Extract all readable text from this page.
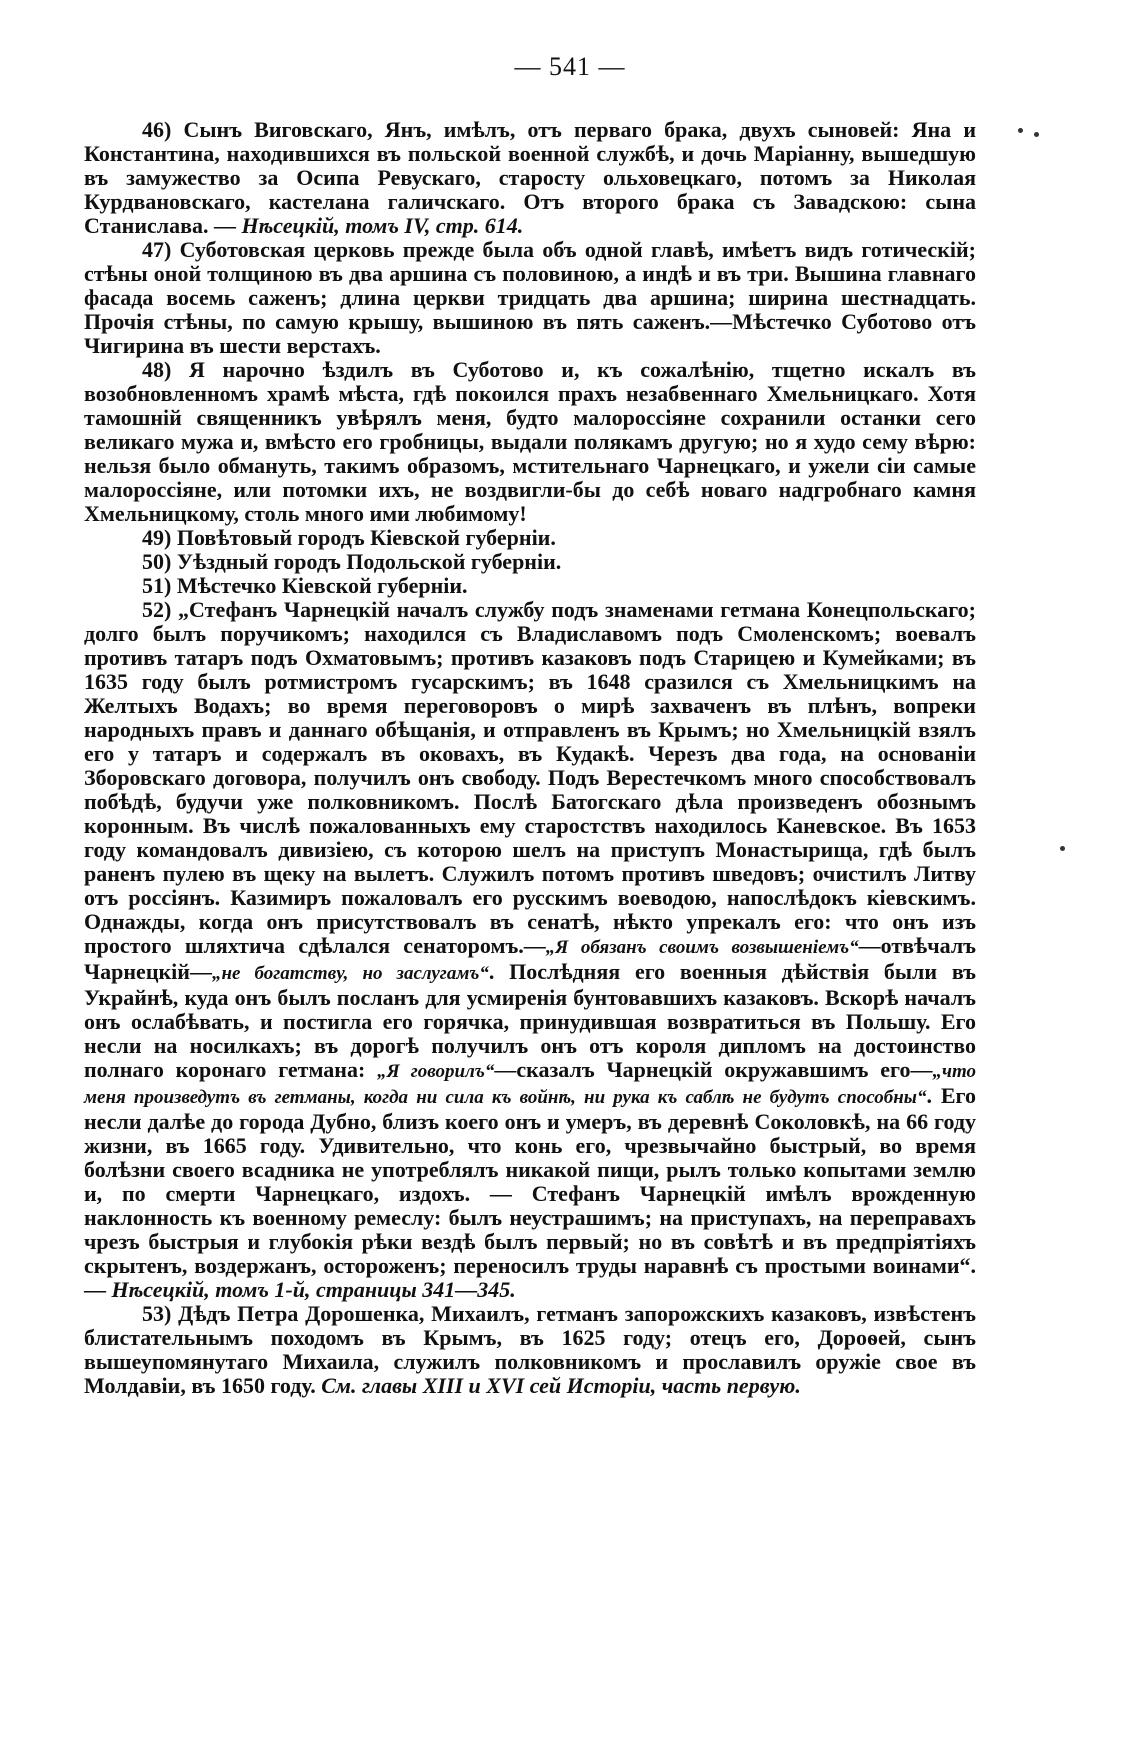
— 541 —

46) Сынъ Виговскаго, Янъ, имѣлъ, отъ перваго брака, двухъ сыновей: Яна и Константина, находившихся въ польской военной службѣ, и дочь Маріанну, вышедшую въ замужество за Осипа Ревускаго, старосту ольховецкаго, потомъ за Николая Курдвановскаго, кастелана галичскаго. Отъ второго брака съ Завадскою: сына Станислава. — Нѣсецкій, томъ IV, стр. 614.

47) Суботовская церковь прежде была объ одной главѣ, имѣетъ видъ готическій; стѣны оной толщиною въ два аршина съ половиною, а индѣ и въ три. Вышина главнаго фасада восемь саженъ; длина церкви тридцать два аршина; ширина шестнадцать. Прочія стѣны, по самую крышу, вышиною въ пять саженъ.—Мѣстечко Суботово отъ Чигирина въ шести верстахъ.

48) Я нарочно ѣздилъ въ Суботово и, къ сожалѣнію, тщетно искалъ въ возобновленномъ храмѣ мѣста, гдѣ покоился прахъ незабвеннаго Хмельницкаго. Хотя тамошній священникъ увѣрялъ меня, будто малороссіяне сохранили останки сего великаго мужа и, вмѣсто его гробницы, выдали полякамъ другую; но я худо сему вѣрю: нельзя было обмануть, такимъ образомъ, мстительнаго Чарнецкаго, и ужели сіи самые малороссіяне, или потомки ихъ, не воздвигли-бы до себѣ новаго надгробнаго камня Хмельницкому, столь много ими любимому!

49) Повѣтовый городъ Кіевской губерніи.

50) Уѣздный городъ Подольской губерніи.

51) Мѣстечко Кіевской губерніи.

52) „Стефанъ Чарнецкій началъ службу подъ знаменами гетмана Конецпольскаго; долго былъ поручикомъ; находился съ Владиславомъ подъ Смоленскомъ; воевалъ противъ татаръ подъ Охматовымъ; противъ казаковъ подъ Старицею и Кумейками; въ 1635 году былъ ротмистромъ гусарскимъ; въ 1648 сразился съ Хмельницкимъ на Желтыхъ Водахъ; во время переговоровъ о мирѣ захваченъ въ плѣнъ, вопреки народныхъ правъ и даннаго обѣщанія, и отправленъ въ Крымъ; но Хмельницкій взялъ его у татаръ и содержалъ въ оковахъ, въ Кудакѣ. Черезъ два года, на основаніи Зборовскаго договора, получилъ онъ свободу. Подъ Верестечкомъ много способствовалъ побѣдѣ, будучи уже полковникомъ. Послѣ Батогскаго дѣла произведенъ обознымъ коронным. Въ числѣ пожалованныхъ ему старостствъ находилось Каневское. Въ 1653 году командовалъ дивизіею, съ которою шелъ на приступъ Монастырища, гдѣ былъ раненъ пулею въ щеку на вылетъ. Служилъ потомъ противъ шведовъ; очистилъ Литву отъ россіянъ. Казимиръ пожаловалъ его русскимъ воеводою, напослѣдокъ кіевскимъ. Однажды, когда онъ присутствовалъ въ сенатѣ, нѣкто упрекалъ его: что онъ изъ простого шляхтича сдѣлался сенаторомъ.—„Я обязанъ своимъ возвышеніемъ“—отвѣчалъ Чарнецкій—„не богатству, но заслугамъ“. Послѣдняя его военныя дѣйствія были въ Украйнѣ, куда онъ былъ посланъ для усмиренія бунтовавшихъ казаковъ. Вскорѣ началъ онъ ослабѣвать, и постигла его горячка, принудившая возвратиться въ Польшу. Его несли на носилкахъ; въ дорогѣ получилъ онъ отъ короля дипломъ на достоинство полнаго коронаго гетмана: „Я говорилъ“—сказалъ Чарнецкій окружавшимъ его—„что меня произведутъ въ гетманы, когда ни сила къ войнѣ, ни рука къ саблѣ не будутъ способны“. Его несли далѣе до города Дубно, близъ коего онъ и умеръ, въ деревнѣ Соколовкѣ, на 66 году жизни, въ 1665 году. Удивительно, что конь его, чрезвычайно быстрый, во время болѣзни своего всадника не употреблялъ никакой пищи, рылъ только копытами землю и, по смерти Чарнецкаго, издохъ. — Стефанъ Чарнецкій имѣлъ врожденную наклонность къ военному ремеслу: былъ неустрашимъ; на приступахъ, на переправахъ чрезъ быстрыя и глубокія рѣки вездѣ былъ первый; но въ совѣтѣ и въ предпріятіяхъ скрытенъ, воздержанъ, остороженъ; переносилъ труды наравнѣ съ простыми воинами“. — Нѣсецкій, томъ 1-й, страницы 341—345.

53) Дѣдъ Петра Дорошенка, Михаилъ, гетманъ запорожскихъ казаковъ, извѣстенъ блистательнымъ походомъ въ Крымъ, въ 1625 году; отецъ его, Дороѳей, сынъ вышеупомянутаго Михаила, служилъ полковникомъ и прославилъ оружіе свое въ Молдавіи, въ 1650 году. См. главы XIII и XVI сей Исторіи, часть первую.
